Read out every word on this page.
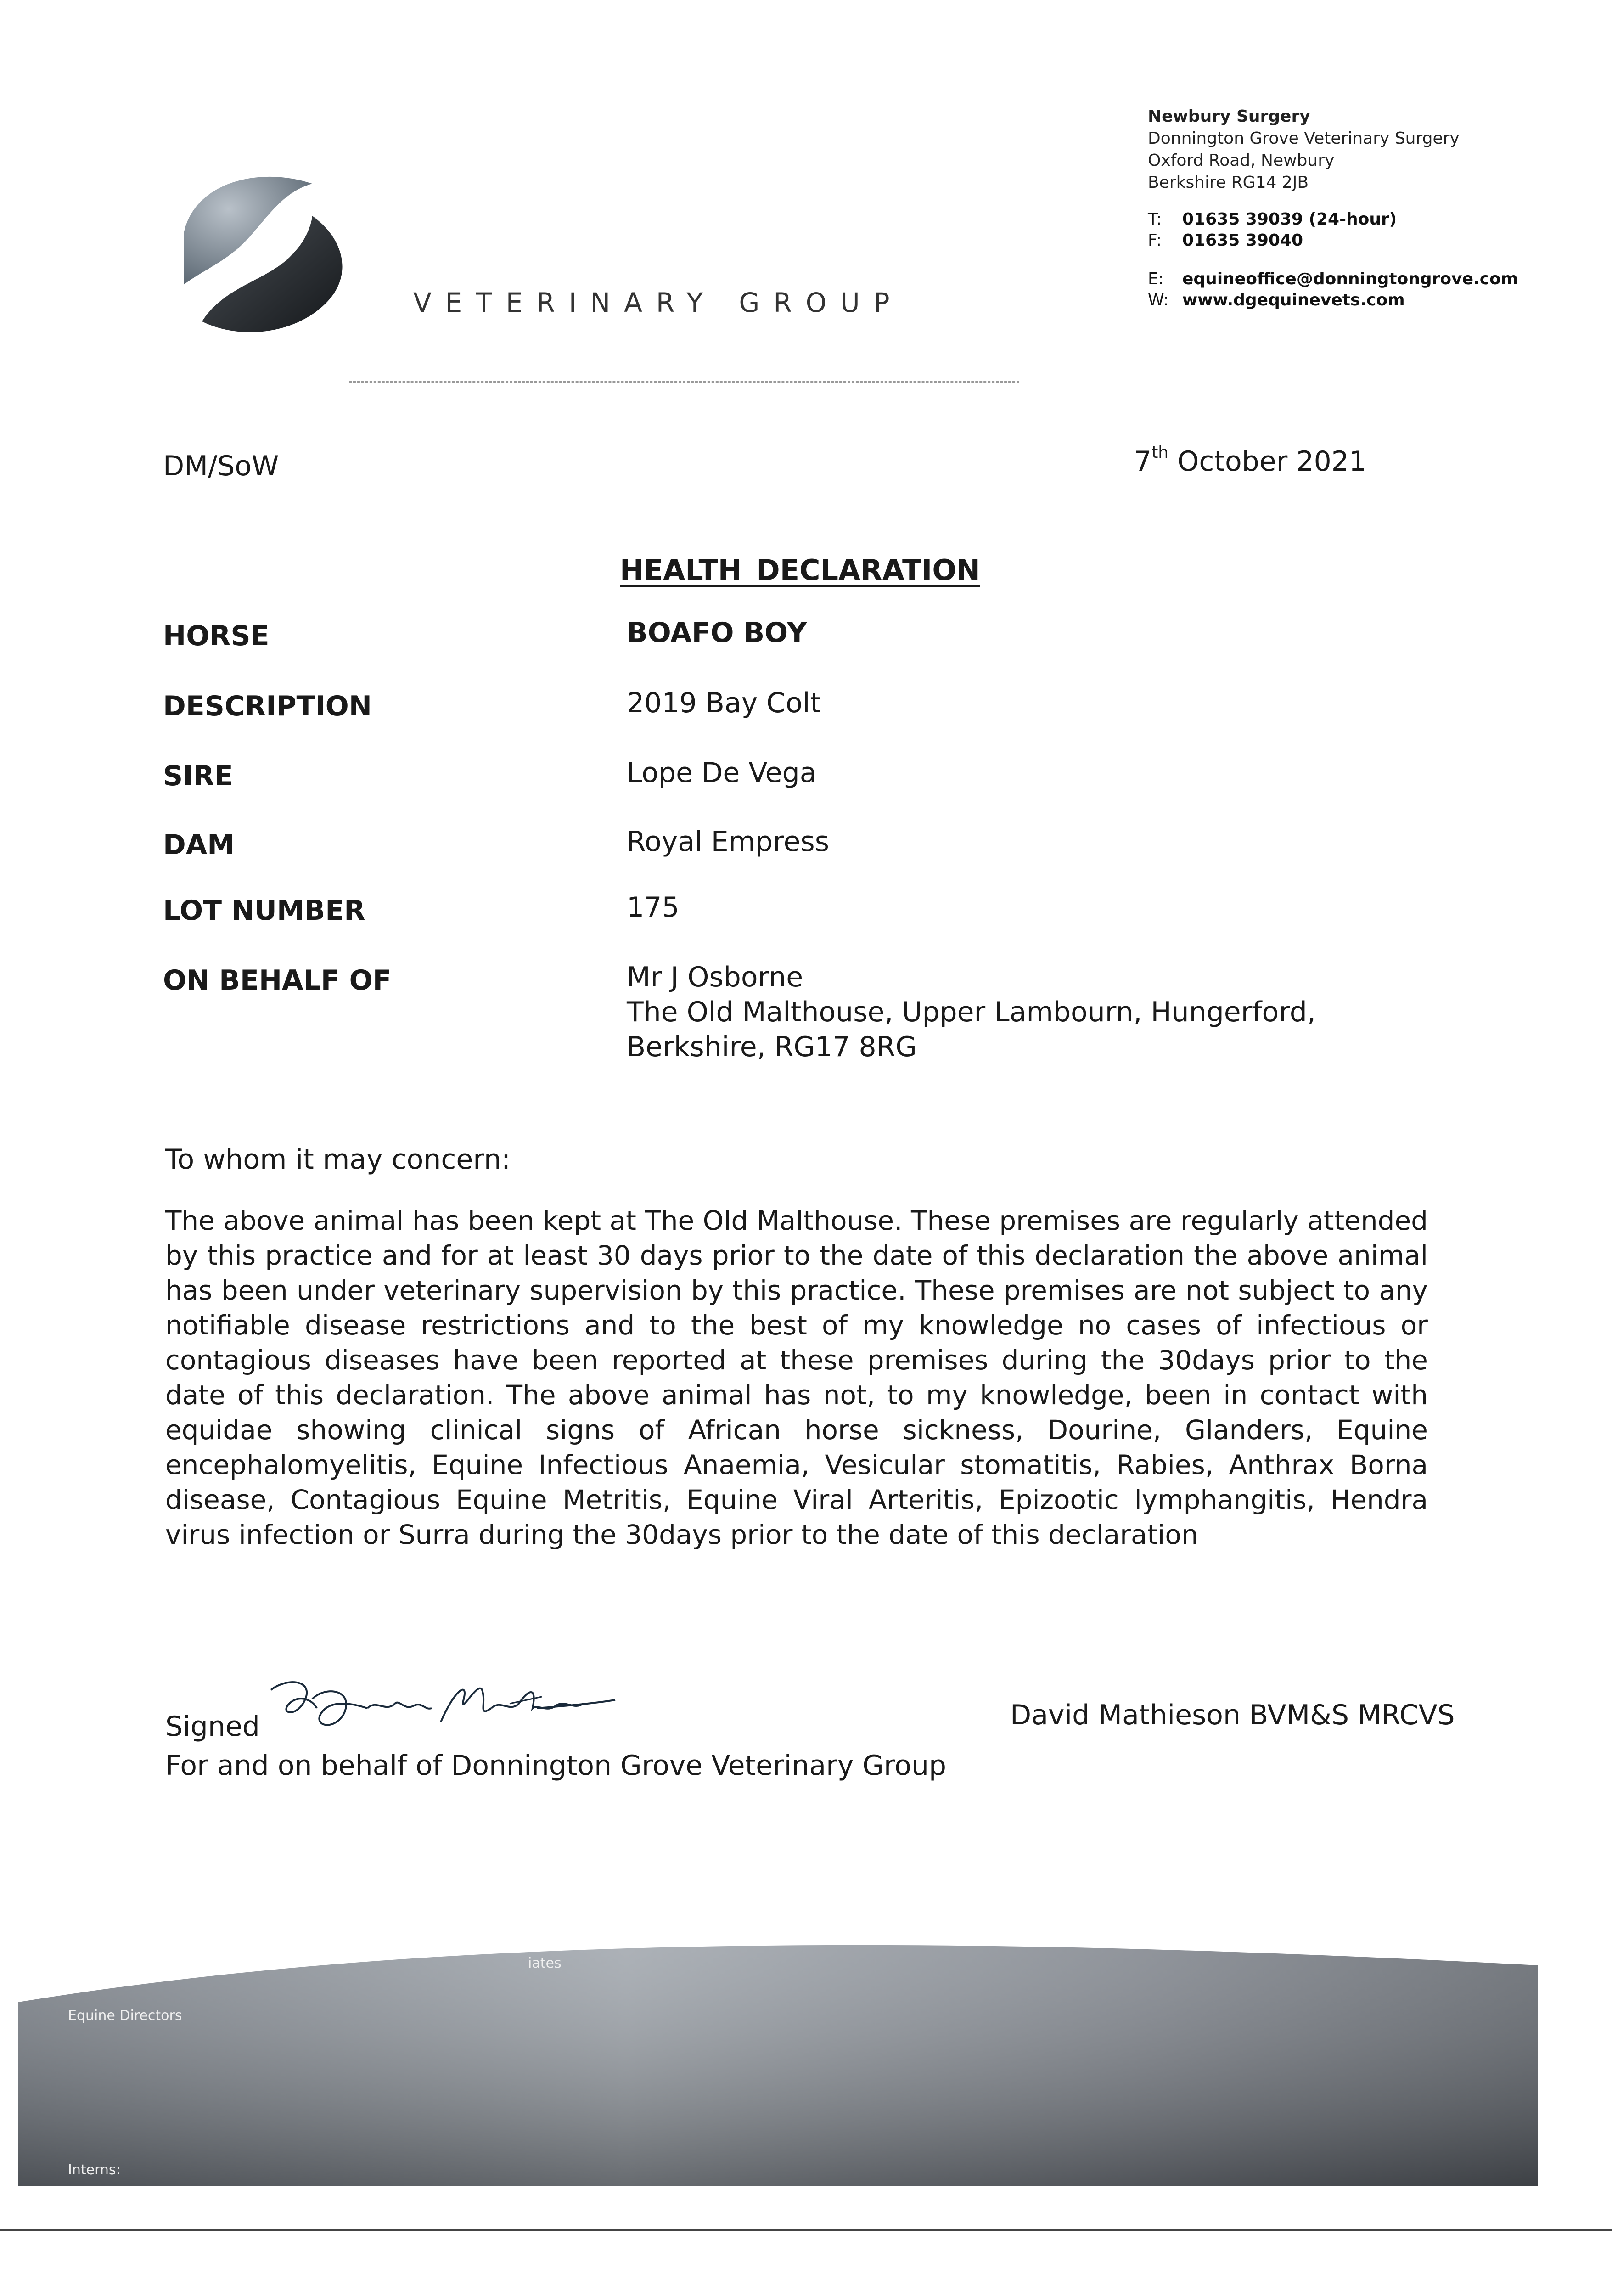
VETERINARY GROUP
Newbury Surgery
Donnington Grove Veterinary Surgery
Oxford Road, Newbury
Berkshire RG14 2JB
T: 01635 39039 (24-hour)
F: 01635 39040
E: equineoffice@donningtongrove.com
W: www.dgequinevets.com
DM/SoW	7th October 2021
HEALTH DECLARATION
HORSE	BOAFO BOY
DESCRIPTION	2019 Bay Colt
SIRE	Lope De Vega
DAM	Royal Empress
LOT NUMBER	175
ON BEHALF OF	Mr J Osborne
The Old Malthouse, Upper Lambourn, Hungerford,
Berkshire, RG17 8RG
To whom it may concern:
The above animal has been kept at The Old Malthouse. These premises are regularly attended by this practice and for at least 30 days prior to the date of this declaration the above animal has been under veterinary supervision by this practice. These premises are not subject to any notifiable disease restrictions and to the best of my knowledge no cases of infectious or contagious diseases have been reported at these premises during the 30days prior to the date of this declaration. The above animal has not, to my knowledge, been in contact with equidae showing clinical signs of African horse sickness, Dourine, Glanders, Equine encephalomyelitis, Equine Infectious Anaemia, Vesicular stomatitis, Rabies, Anthrax Borna disease, Contagious Equine Metritis, Equine Viral Arteritis, Epizootic lymphangitis, Hendra virus infection or Surra during the 30days prior to the date of this declaration
Signed
For and on behalf of Donnington Grove Veterinary Group
David Mathieson BVM&S MRCVS
Equine Directors
iates
Interns:
